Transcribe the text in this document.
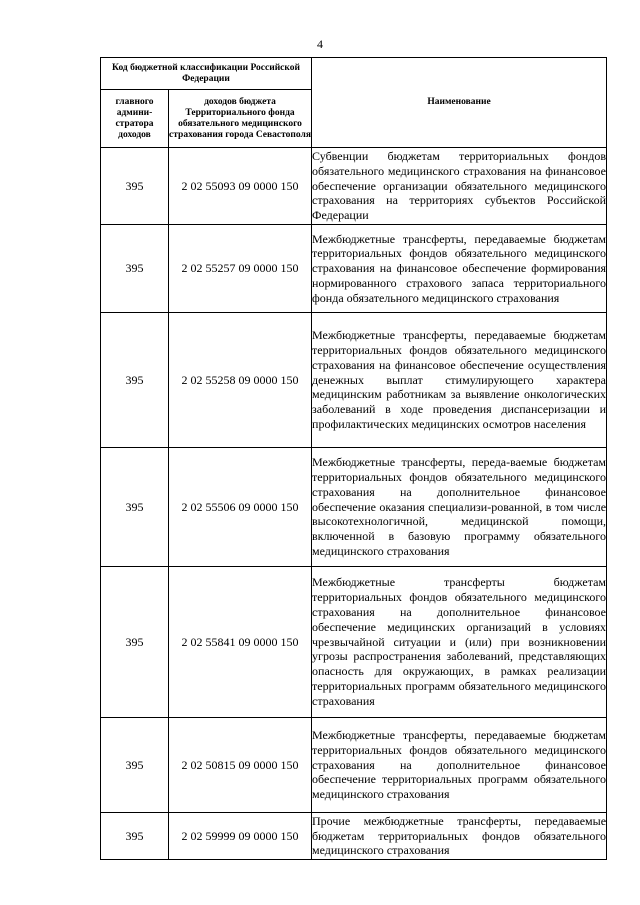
4
Код бюджетной классификации Российской Федерации		Наименование
главного админи-стратора доходов	доходов бюджета Территориального фонда обязательного медицинского страхования города Севастополя	
395	2 02 55093 09 0000 150	Субвенции бюджетам территориальных фондов обязательного медицинского страхования на финансовое обеспечение организации обязательного медицинского страхования на территориях субъектов Российской Федерации
395	2 02 55257 09 0000 150	Межбюджетные трансферты, передаваемые бюджетам территориальных фондов обязательного медицинского страхования на финансовое обеспечение формирования нормированного страхового запаса территориального фонда обязательного медицинского страхования
395	2 02 55258 09 0000 150	Межбюджетные трансферты, передаваемые бюджетам территориальных фондов обязательного медицинского страхования на финансовое обеспечение осуществления денежных выплат стимулирующего характера медицинским работникам за выявление онкологических заболеваний в ходе проведения диспансеризации и профилактических медицинских осмотров населения
395	2 02 55506 09 0000 150	Межбюджетные трансферты, переда-ваемые бюджетам территориальных фондов обязательного медицинского страхования на дополнительное финансовое обеспечение оказания специализи-рованной, в том числе высокотехнологичной, медицинской помощи, включенной в базовую программу обязательного медицинского страхования
395	2 02 55841 09 0000 150	Межбюджетные трансферты бюджетам территориальных фондов обязательного медицинского страхования на дополнительное финансовое обеспечение медицинских организаций в условиях чрезвычайной ситуации и (или) при возникновении угрозы распространения заболеваний, представляющих опасность для окружающих, в рамках реализации территориальных программ обязательного медицинского страхования
395	2 02 50815 09 0000 150	Межбюджетные трансферты, передаваемые бюджетам территориальных фондов обязательного медицинского страхования на дополнительное финансовое обеспечение территориальных программ обязательного медицинского страхования
395	2 02 59999 09 0000 150	Прочие межбюджетные трансферты, передаваемые бюджетам территориальных фондов обязательного медицинского страхования
